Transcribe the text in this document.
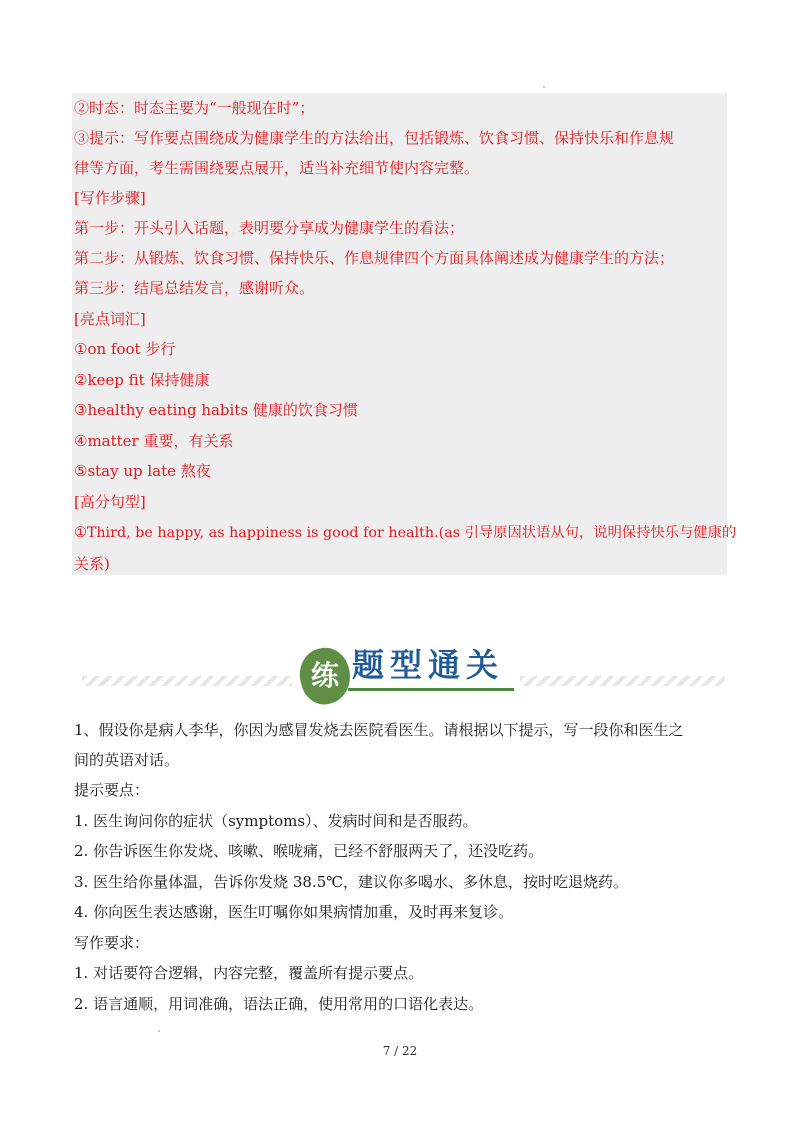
②时态：时态主要为“一般现在时”；
③提示：写作要点围绕成为健康学生的方法给出，包括锻炼、饮食习惯、保持快乐和作息规
律等方面，考生需围绕要点展开，适当补充细节使内容完整。
[写作步骤]
第一步：开头引入话题，表明要分享成为健康学生的看法；
第二步：从锻炼、饮食习惯、保持快乐、作息规律四个方面具体阐述成为健康学生的方法；
第三步：结尾总结发言，感谢听众。
[亮点词汇]
①on foot 步行
②keep fit 保持健康
③healthy eating habits 健康的饮食习惯
④matter 重要，有关系
⑤stay up late 熬夜
[高分句型]
①Third, be happy, as happiness is good for health.(as 引导原因状语从句，说明保持快乐与健康的
关系)
练 题型通关
1、假设你是病人李华，你因为感冒发烧去医院看医生。请根据以下提示，写一段你和医生之
间的英语对话。
提示要点：
1. 医生询问你的症状（symptoms）、发病时间和是否服药。
2. 你告诉医生你发烧、咳嗽、喉咙痛，已经不舒服两天了，还没吃药。
3. 医生给你量体温，告诉你发烧 38.5℃，建议你多喝水、多休息，按时吃退烧药。
4. 你向医生表达感谢，医生叮嘱你如果病情加重，及时再来复诊。
写作要求：
1. 对话要符合逻辑，内容完整，覆盖所有提示要点。
2. 语言通顺，用词准确，语法正确，使用常用的口语化表达。
7 / 22
